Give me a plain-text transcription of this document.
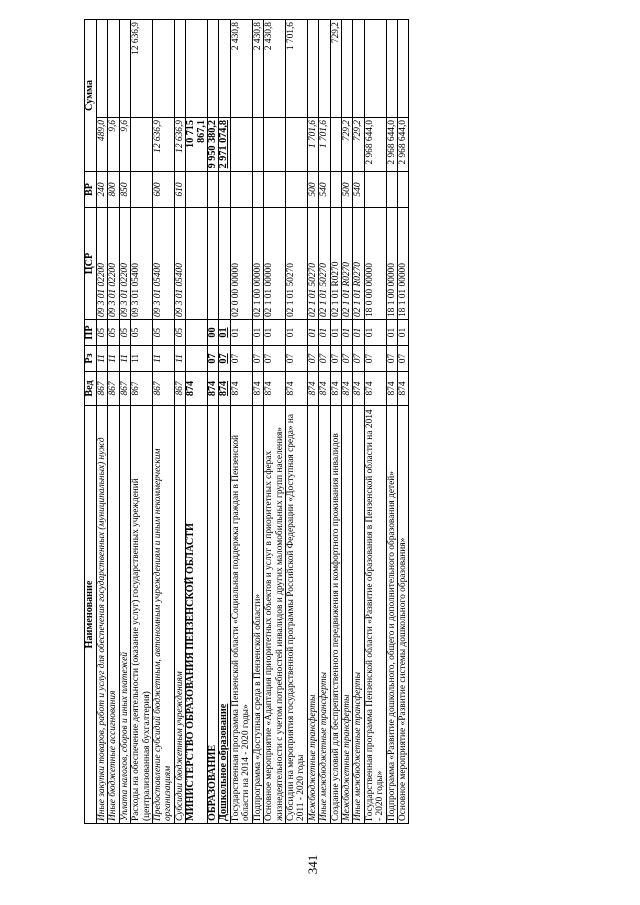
341
Наименование	Вед	Рз	ПР	ЦСР	ВР	Сумма	
Иные закупки товаров, работ и услуг для обеспечения государственных (муниципальных) нужд	867	11	05	09 3 01 02200	240	489,0	
Иные бюджетные ассигнования	867	11	05	09 3 01 02200	800	9,6	
Уплата налогов, сборов и иных платежей	867	11	05	09 3 01 02200	850	9,6	
Расходы на обеспечение деятельности (оказание услуг) государственных учреждений (централизованная бухгалтерия)	867	11	05	09 3 01 05400			12 636,9
Предоставление субсидий бюджетным, автономным учреждениям и иным некоммерческим организациям	867	11	05	09 3 01 05400	600	12 636,9	
Субсидии бюджетным учреждениям	867	11	05	09 3 01 05400	610	12 636,9	
МИНИСТЕРСТВО ОБРАЗОВАНИЯ ПЕНЗЕНСКОЙ ОБЛАСТИ	874					10 715 867,1	
ОБРАЗОВАНИЕ	874	07	00			9 950 380,2	
Дошкольное образование	874	07	01			2 971 074,8	
Государственная программа Пензенской области «Социальная поддержка граждан в Пензенской области на 2014 - 2020 годы»	874	07	01	02 0 00 00000			2 430,8
Подпрограмма «Доступная среда в Пензенской области»	874	07	01	02 1 00 00000			2 430,8
Основное мероприятие «Адаптация приоритетных объектов и услуг в приоритетных сферах жизнедеятельности с учетом потребностей инвалидов и других маломобильных групп населения»	874	07	01	02 1 01 00000			2 430,8
Субсидии на мероприятия государственной программы Российской Федерации «Доступная среда» на 2011 - 2020 годы	874	07	01	02 1 01 50270			1 701,6
Межбюджетные трансферты	874	07	01	02 1 01 50270	500	1 701,6	
Иные межбюджетные трансферты	874	07	01	02 1 01 50270	540	1 701,6	
Создание условий для беспрепятственного передвижения и комфортного проживания инвалидов	874	07	01	02 1 01 R0270			729,2
Межбюджетные трансферты	874	07	01	02 1 01 R0270	500	729,2	
Иные межбюджетные трансферты	874	07	01	02 1 01 R0270	540	729,2	
Государственная программа Пензенской области «Развитие образования в Пензенской области на 2014 - 2020 годы»	874	07	01	18 0 00 00000		2 968 644,0	
Подпрограмма «Развитие дошкольного, общего и дополнительного образования детей»	874	07	01	18 1 00 00000		2 968 644,0	
Основное мероприятие «Развитие системы дошкольного образования»	874	07	01	18 1 01 00000		2 968 644,0	
